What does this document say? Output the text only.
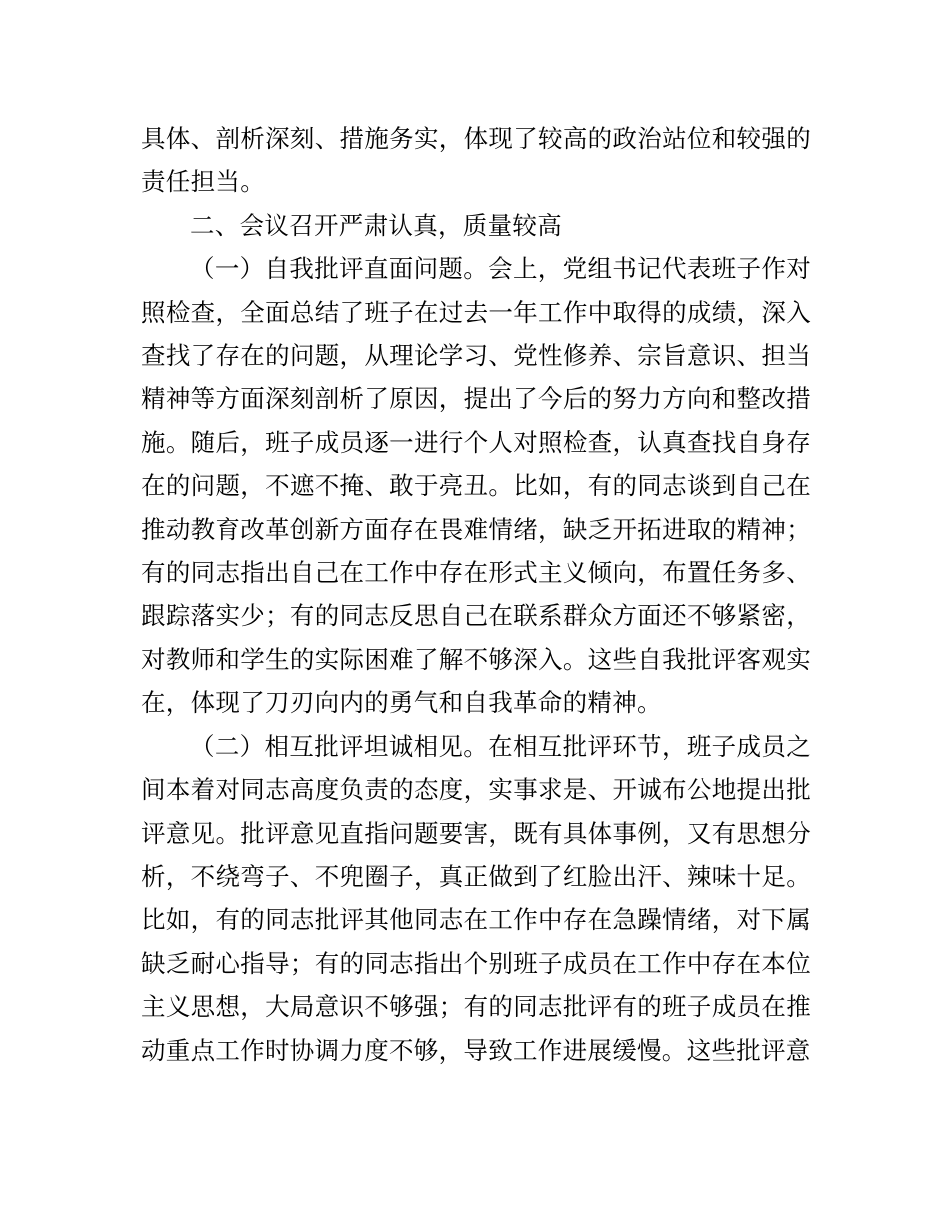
具体、剖析深刻、措施务实，体现了较高的政治站位和较强的责任担当。

二、会议召开严肃认真，质量较高

（一）自我批评直面问题。会上，党组书记代表班子作对照检查，全面总结了班子在过去一年工作中取得的成绩，深入查找了存在的问题，从理论学习、党性修养、宗旨意识、担当精神等方面深刻剖析了原因，提出了今后的努力方向和整改措施。随后，班子成员逐一进行个人对照检查，认真查找自身存在的问题，不遮不掩、敢于亮丑。比如，有的同志谈到自己在推动教育改革创新方面存在畏难情绪，缺乏开拓进取的精神；有的同志指出自己在工作中存在形式主义倾向，布置任务多、跟踪落实少；有的同志反思自己在联系群众方面还不够紧密，对教师和学生的实际困难了解不够深入。这些自我批评客观实在，体现了刀刃向内的勇气和自我革命的精神。

（二）相互批评坦诚相见。在相互批评环节，班子成员之间本着对同志高度负责的态度，实事求是、开诚布公地提出批评意见。批评意见直指问题要害，既有具体事例，又有思想分析，不绕弯子、不兜圈子，真正做到了红脸出汗、辣味十足。比如，有的同志批评其他同志在工作中存在急躁情绪，对下属缺乏耐心指导；有的同志指出个别班子成员在工作中存在本位主义思想，大局意识不够强；有的同志批评有的班子成员在推动重点工作时协调力度不够，导致工作进展缓慢。这些批评意
